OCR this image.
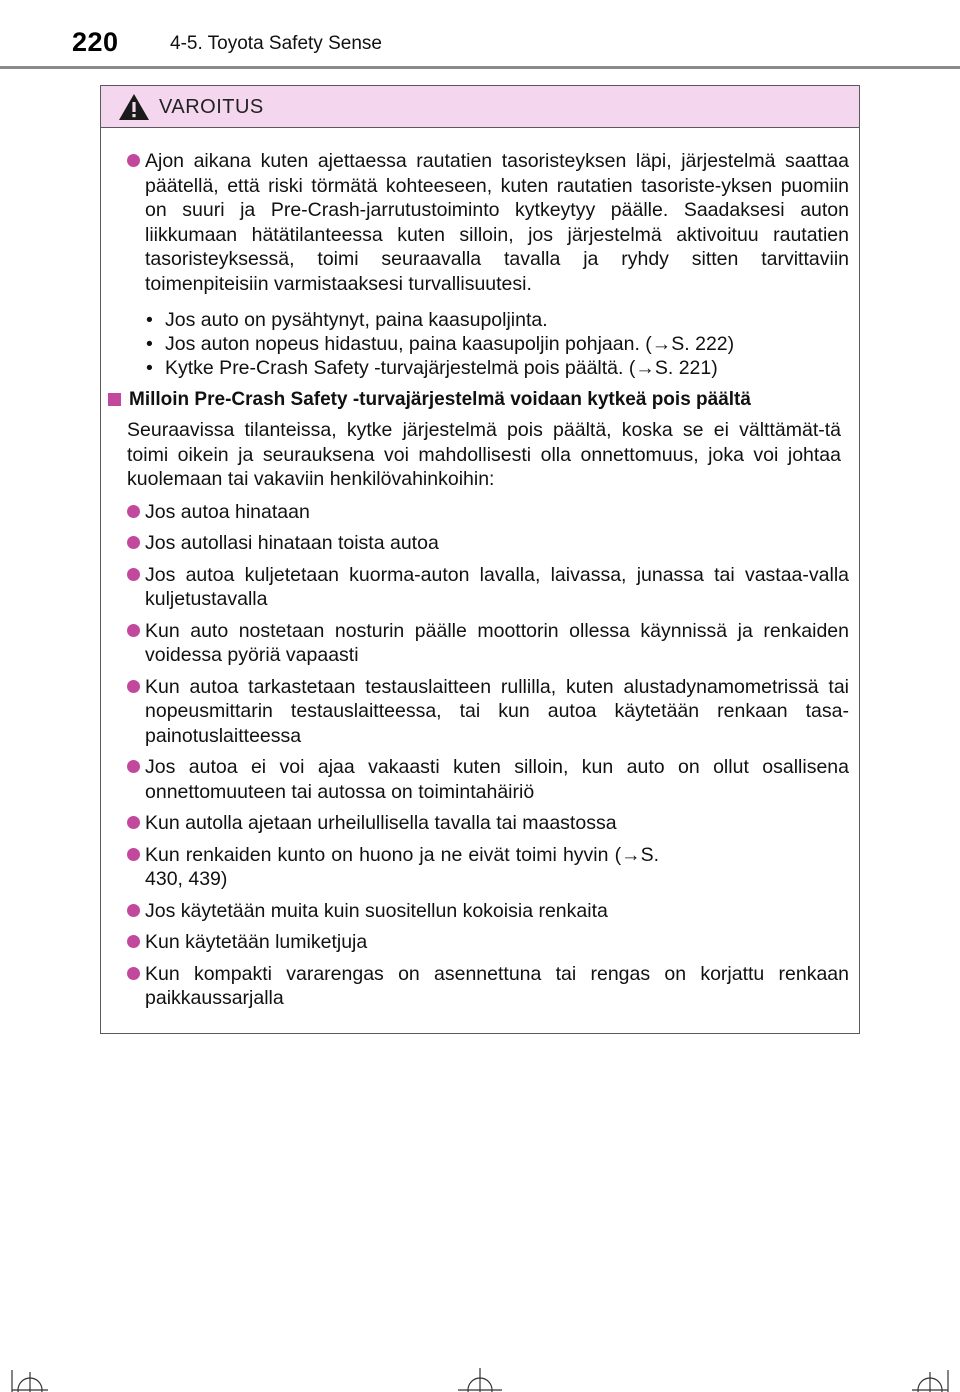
220	4-5. Toyota Safety Sense
VAROITUS
Ajon aikana kuten ajettaessa rautatien tasoristeyksen läpi, järjestelmä saattaa päätellä, että riski törmätä kohteeseen, kuten rautatien tasoriste-yksen puomiin on suuri ja Pre-Crash-jarrutustoiminto kytkeytyy päälle. Saadaksesi auton liikkumaan hätätilanteessa kuten silloin, jos järjestelmä aktivoituu rautatien tasoristeyksessä, toimi seuraavalla tavalla ja ryhdy sitten tarvittaviin toimenpiteisiin varmistaaksesi turvallisuutesi.
• Jos auto on pysähtynyt, paina kaasupoljinta.
• Jos auton nopeus hidastuu, paina kaasupoljin pohjaan. (→S. 222)
• Kytke Pre-Crash Safety -turvajärjestelmä pois päältä. (→S. 221)
Milloin Pre-Crash Safety -turvajärjestelmä voidaan kytkeä pois päältä
Seuraavissa tilanteissa, kytke järjestelmä pois päältä, koska se ei välttämät-tä toimi oikein ja seurauksena voi mahdollisesti olla onnettomuus, joka voi johtaa kuolemaan tai vakaviin henkilövahinkoihin:
Jos autoa hinataan
Jos autollasi hinataan toista autoa
Jos autoa kuljetetaan kuorma-auton lavalla, laivassa, junassa tai vastaa-valla kuljetustavalla
Kun auto nostetaan nosturin päälle moottorin ollessa käynnissä ja renkaiden voidessa pyöriä vapaasti
Kun autoa tarkastetaan testauslaitteen rullilla, kuten alustadynamometrissä tai nopeusmittarin testauslaitteessa, tai kun autoa käytetään renkaan tasa-painotuslaitteessa
Jos autoa ei voi ajaa vakaasti kuten silloin, kun auto on ollut osallisena onnettomuuteen tai autossa on toimintahäiriö
Kun autolla ajetaan urheilullisella tavalla tai maastossa
Kun renkaiden kunto on huono ja ne eivät toimi hyvin (→S. 430, 439)
Jos käytetään muita kuin suositellun kokoisia renkaita
Kun käytetään lumiketjuja
Kun kompakti vararengas on asennettuna tai rengas on korjattu renkaan paikkaussarjalla
